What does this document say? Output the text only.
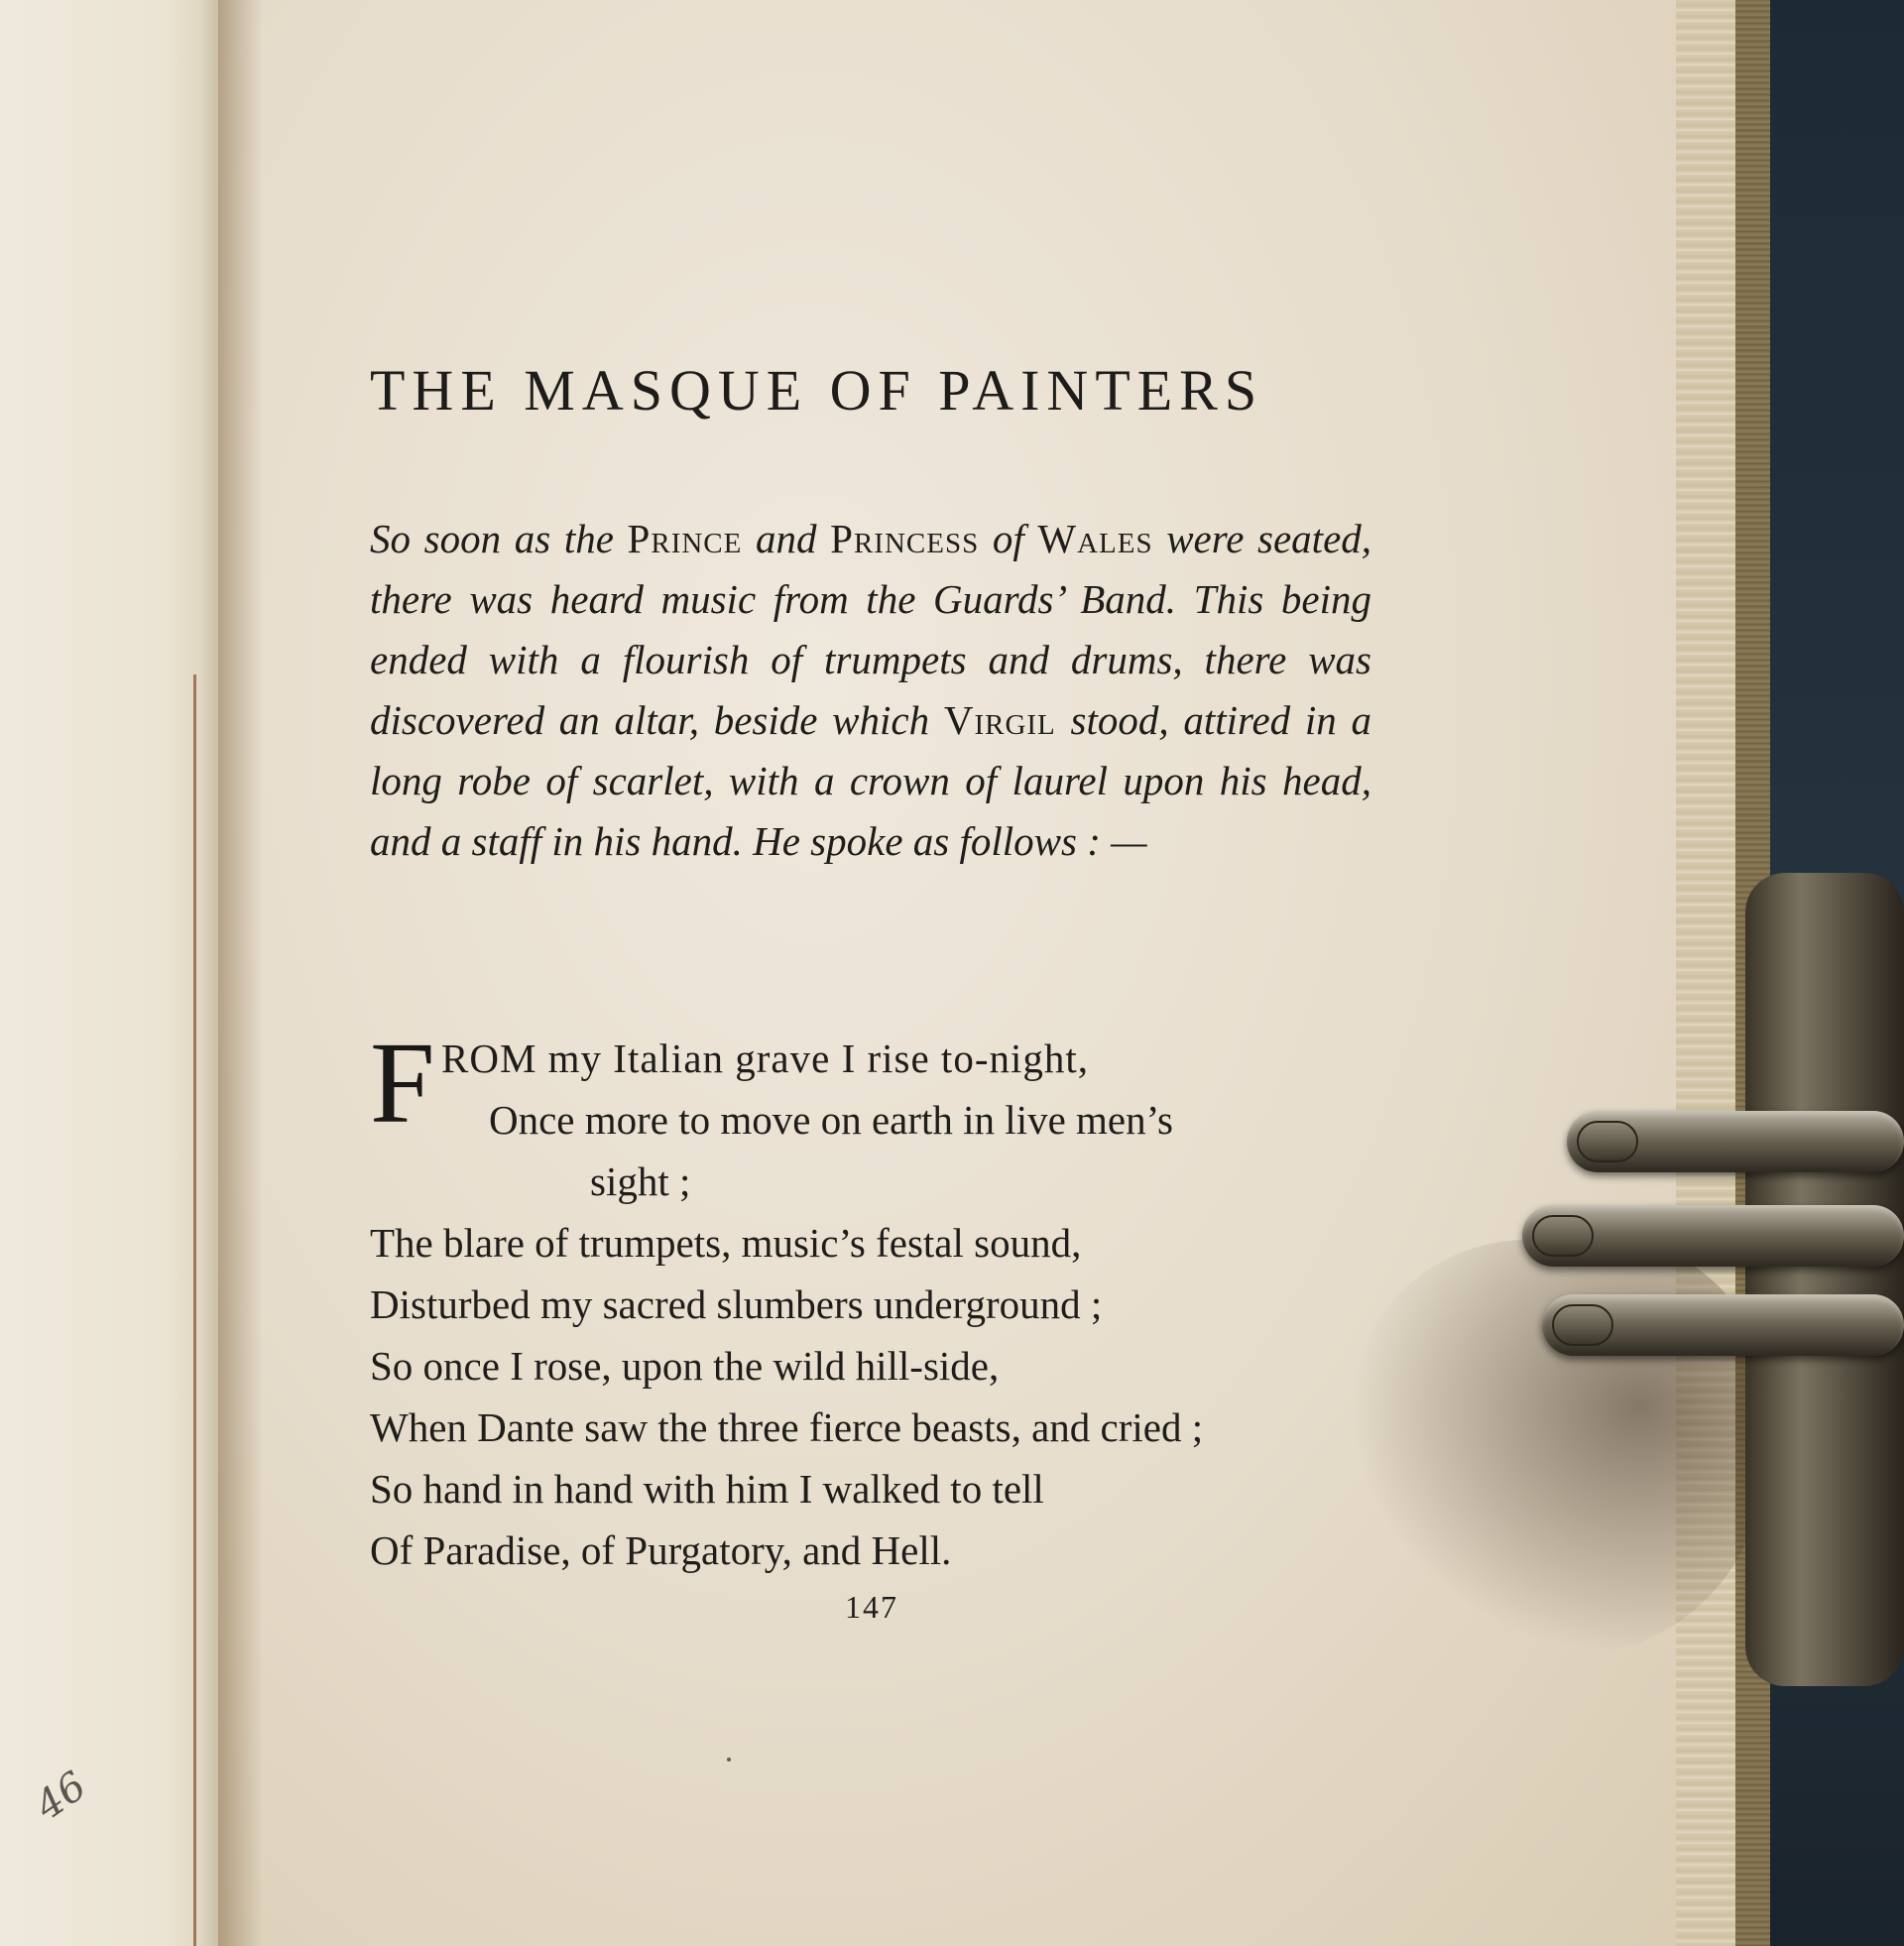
46
THE MASQUE OF PAINTERS

So soon as the Prince and Princess of Wales were seated, there was heard music from the Guards’ Band. This being ended with a flourish of trumpets and drums, there was discovered an altar, beside which Virgil stood, attired in a long robe of scarlet, with a crown of laurel upon his head, and a staff in his hand. He spoke as follows : —

F ROM my Italian grave I rise to-night,
Once more to move on earth in live men’s
sight ;
The blare of trumpets, music’s festal sound,
Disturbed my sacred slumbers underground ;
So once I rose, upon the wild hill-side,
When Dante saw the three fierce beasts, and cried ;
So hand in hand with him I walked to tell
Of Paradise, of Purgatory, and Hell.
147
